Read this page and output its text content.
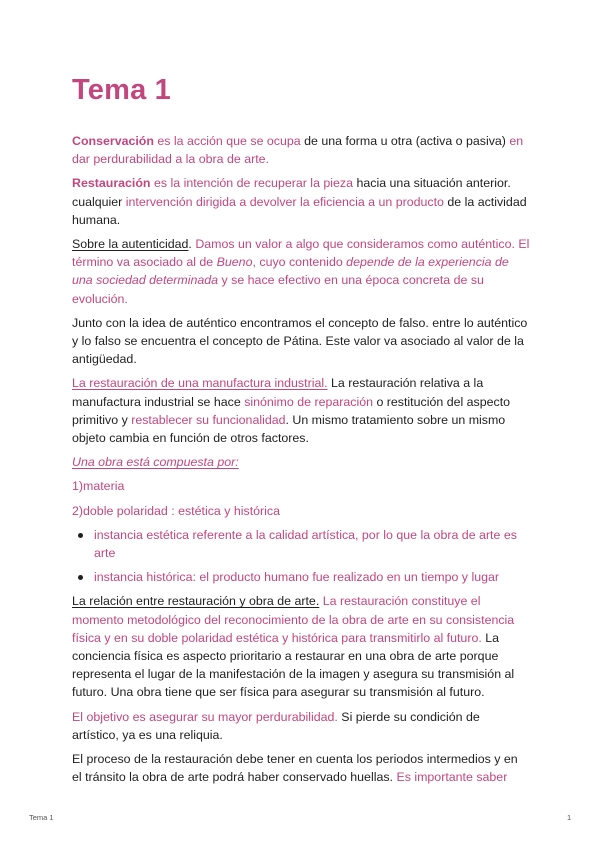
Tema 1

Conservación es la acción que se ocupa de una forma u otra (activa o pasiva) en dar perdurabilidad a la obra de arte.

Restauración es la intención de recuperar la pieza hacia una situación anterior. cualquier intervención dirigida a devolver la eficiencia a un producto de la actividad humana.

Sobre la autenticidad. Damos un valor a algo que consideramos como auténtico. El término va asociado al de Bueno, cuyo contenido depende de la experiencia de una sociedad determinada y se hace efectivo en una época concreta de su evolución.

Junto con la idea de auténtico encontramos el concepto de falso. entre lo auténtico y lo falso se encuentra el concepto de Pátina. Este valor va asociado al valor de la antigüedad.

La restauración de una manufactura industrial. La restauración relativa a la manufactura industrial se hace sinónimo de reparación o restitución del aspecto primitivo y restablecer su funcionalidad. Un mismo tratamiento sobre un mismo objeto cambia en función de otros factores.

Una obra está compuesta por:

1)materia

2)doble polaridad : estética y histórica

instancia estética referente a la calidad artística, por lo que la obra de arte es arte
instancia histórica: el producto humano fue realizado en un tiempo y lugar

La relación entre restauración y obra de arte. La restauración constituye el momento metodológico del reconocimiento de la obra de arte en su consistencia física y en su doble polaridad estética y histórica para transmitirlo al futuro. La conciencia física es aspecto prioritario a restaurar en una obra de arte porque representa el lugar de la manifestación de la imagen y asegura su transmisión al futuro. Una obra tiene que ser física para asegurar su transmisión al futuro.

El objetivo es asegurar su mayor perdurabilidad. Si pierde su condición de artístico, ya es una reliquia.

El proceso de la restauración debe tener en cuenta los periodos intermedios y en el tránsito la obra de arte podrá haber conservado huellas. Es importante saber

Tema 1	1
